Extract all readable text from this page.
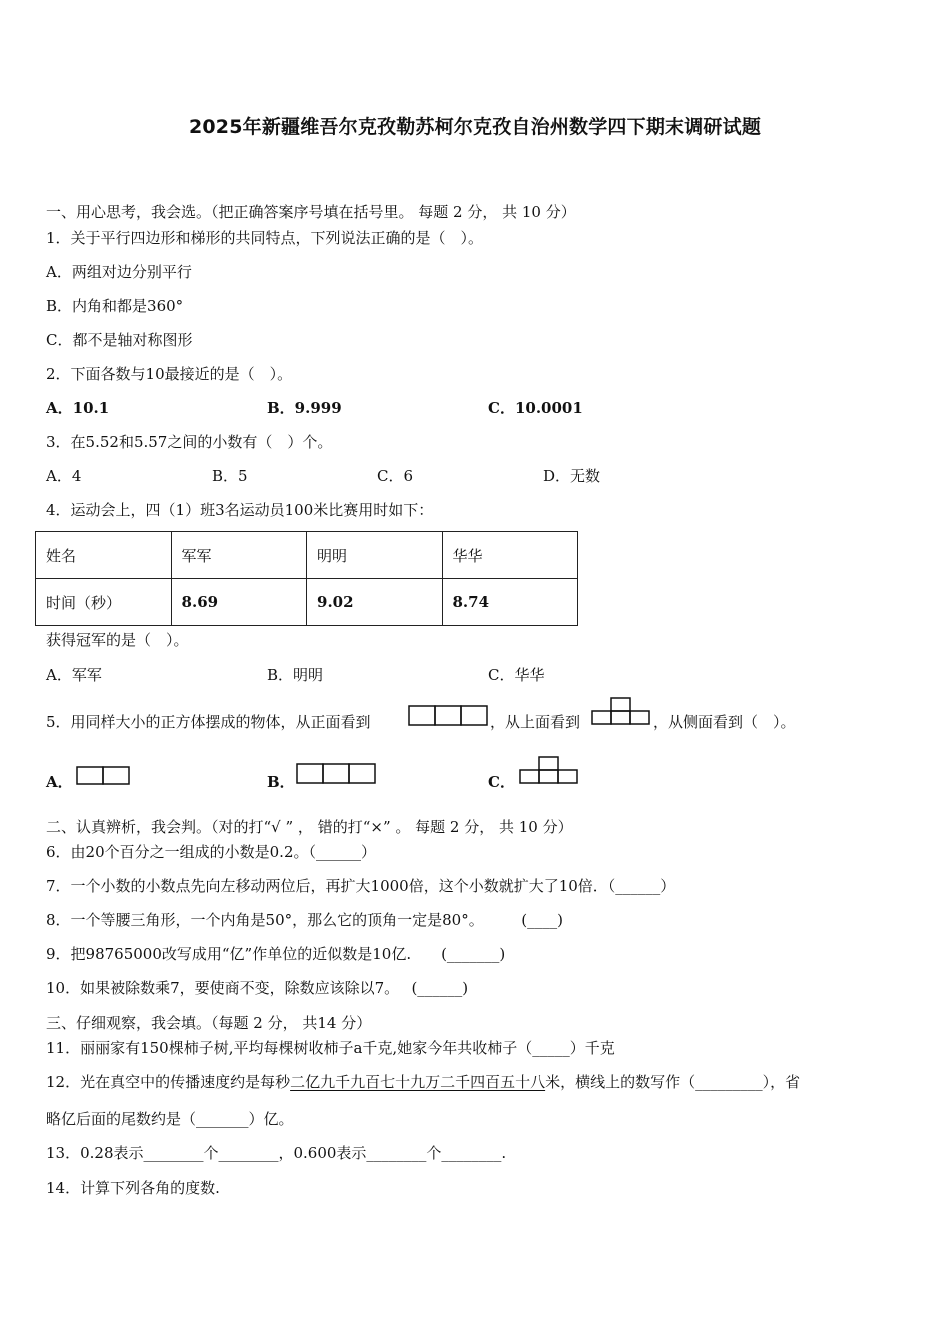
2025年新疆维吾尔克孜勒苏柯尔克孜自治州数学四下期末调研试题
一、用心思考，我会选。（把正确答案序号填在括号里。 每题 2 分， 共 10 分）
1．关于平行四边形和梯形的共同特点，下列说法正确的是（　）。
A．两组对边分别平行
B．内角和都是360°
C．都不是轴对称图形
2．下面各数与10最接近的是（　）。
A．10.1	B．9.999	C．10.0001
3．在5.52和5.57之间的小数有（　）个。
A．4	B．5	C．6	D．无数
4．运动会上，四（1）班3名运动员100米比赛用时如下：
姓名	军军	明明	华华
时间（秒）	8.69	9.02	8.74
获得冠军的是（　）。
A．军军	B．明明	C．华华
5．用同样大小的正方体摆成的物体，从正面看到	，从上面看到	，从侧面看到（　）。
A．	B．	C．
二、认真辨析，我会判。（对的打“√ ” ， 错的打“×” 。 每题 2 分， 共 10 分）
6．由20个百分之一组成的小数是0.2。（______）
7．一个小数的小数点先向左移动两位后，再扩大1000倍，这个小数就扩大了10倍．（______）
8．一个等腰三角形，一个内角是50°，那么它的顶角一定是80°。　　　(____)
9．把98765000改写成用“亿”作单位的近似数是10亿.　　(_______)
10．如果被除数乘7，要使商不变，除数应该除以7。　 (______)
三、仔细观察，我会填。（每题 2 分， 共14 分）
11．丽丽家有150棵柿子树,平均每棵树收柿子a千克,她家今年共收柿子（_____）千克
12．光在真空中的传播速度约是每秒二亿九千九百七十九万二千四百五十八米，横线上的数写作（_________），省
略亿后面的尾数约是（_______）亿。
13．0.28表示________个________，0.600表示________个________.
14．计算下列各角的度数.
